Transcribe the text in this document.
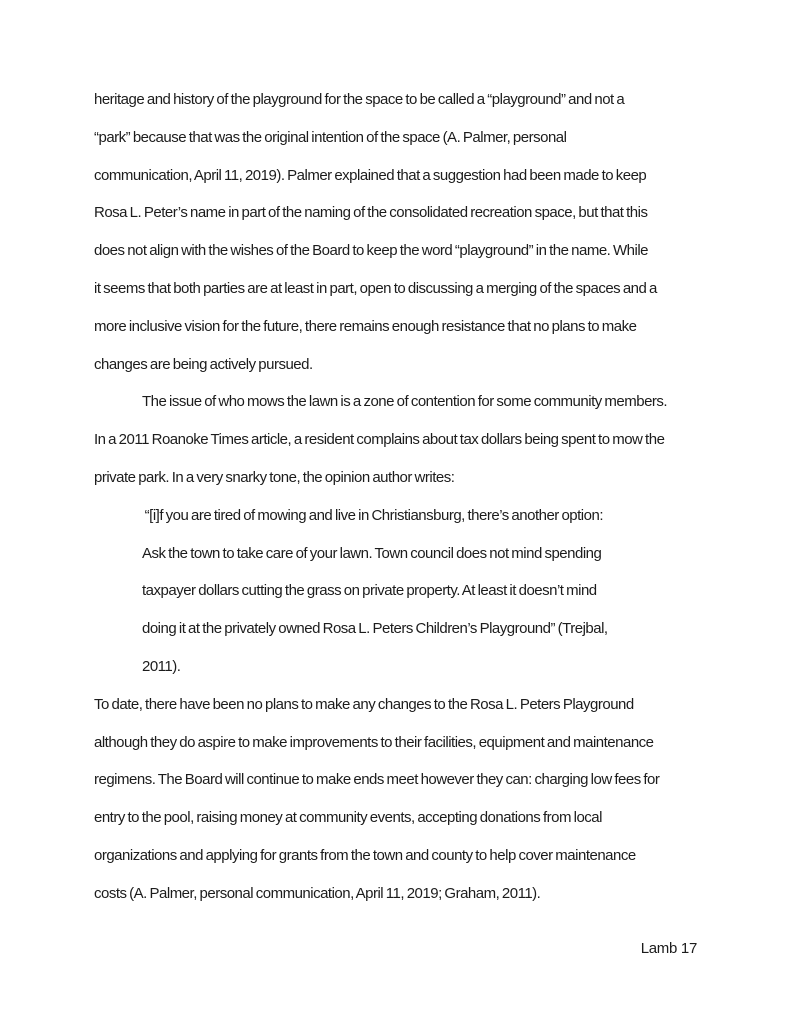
heritage and history of the playground for the space to be called a “playground” and not a
“park” because that was the original intention of the space (A. Palmer, personal
communication, April 11, 2019). Palmer explained that a suggestion had been made to keep
Rosa L. Peter’s name in part of the naming of the consolidated recreation space, but that this
does not align with the wishes of the Board to keep the word “playground” in the name. While
it seems that both parties are at least in part, open to discussing a merging of the spaces and a
more inclusive vision for the future, there remains enough resistance that no plans to make
changes are being actively pursued.
The issue of who mows the lawn is a zone of contention for some community members.
In a 2011 Roanoke Times article, a resident complains about tax dollars being spent to mow the
private park. In a very snarky tone, the opinion author writes:
“[i]f you are tired of mowing and live in Christiansburg, there’s another option:
Ask the town to take care of your lawn. Town council does not mind spending
taxpayer dollars cutting the grass on private property. At least it doesn’t mind
doing it at the privately owned Rosa L. Peters Children’s Playground” (Trejbal,
2011).
To date, there have been no plans to make any changes to the Rosa L. Peters Playground
although they do aspire to make improvements to their facilities, equipment and maintenance
regimens. The Board will continue to make ends meet however they can: charging low fees for
entry to the pool, raising money at community events, accepting donations from local
organizations and applying for grants from the town and county to help cover maintenance
costs (A. Palmer, personal communication, April 11, 2019; Graham, 2011).
Lamb 17
